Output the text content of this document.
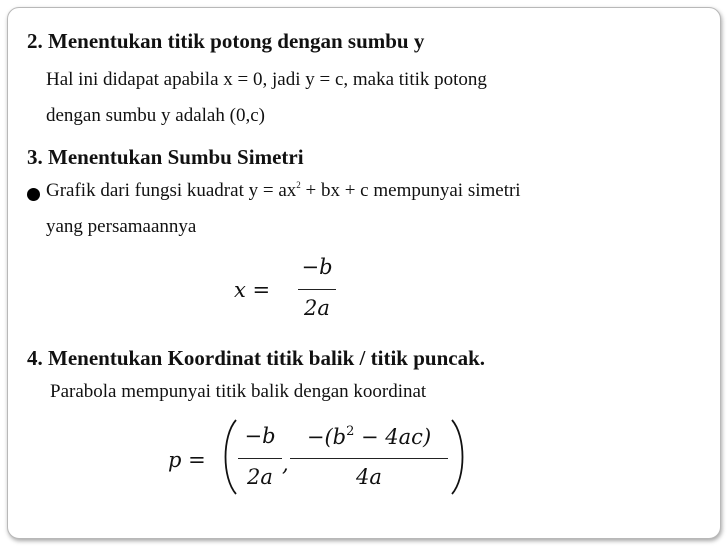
2. Menentukan titik potong dengan sumbu y
Hal ini didapat apabila x = 0, jadi y = c, maka titik potong
dengan sumbu y adalah (0,c)
3. Menentukan Sumbu Simetri
Grafik dari fungsi kuadrat $y = ax^2$ + bx + c mempunyai simetri
yang persamaannya
x =
−b
2a
4. Menentukan Koordinat titik balik / titik puncak.
Parabola mempunyai titik balik dengan koordinat
p =
−b
2a
,
$-(b^2 - 4ac)$
4a
